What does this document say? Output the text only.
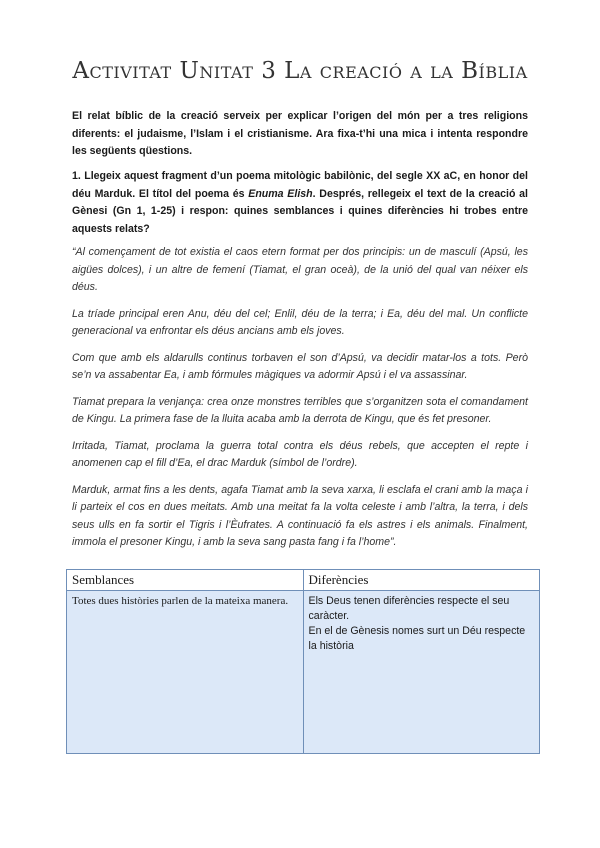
Activitat Unitat 3 La creació a la Bíblia

El relat bíblic de la creació serveix per explicar l’origen del món per a tres religions diferents: el judaisme, l’Islam i el cristianisme. Ara fixa-t’hi una mica i intenta respondre les següents qüestions.

1. Llegeix aquest fragment d’un poema mitològic babilònic, del segle XX aC, en honor del déu Marduk. El títol del poema és Enuma Elish. Després, rellegeix el text de la creació al Gènesi (Gn 1, 1-25) i respon: quines semblances i quines diferències hi trobes entre aquests relats?

“Al començament de tot existia el caos etern format per dos principis: un de masculí (Apsú, les aigües dolces), i un altre de femení (Tiamat, el gran oceà), de la unió del qual van néixer els déus.

La tríade principal eren Anu, déu del cel; Enlil, déu de la terra; i Ea, déu del mal. Un conflicte generacional va enfrontar els déus ancians amb els joves.

Com que amb els aldarulls continus torbaven el son d’Apsú, va decidir matar-los a tots. Però se’n va assabentar Ea, i amb fórmules màgiques va adormir Apsú i el va assassinar.

Tiamat prepara la venjança: crea onze monstres terribles que s’organitzen sota el comandament de Kingu. La primera fase de la lluita acaba amb la derrota de Kingu, que és fet presoner.

Irritada, Tiamat, proclama la guerra total contra els déus rebels, que accepten el repte i anomenen cap el fill d’Ea, el drac Marduk (símbol de l’ordre).

Marduk, armat fins a les dents, agafa Tiamat amb la seva xarxa, li esclafa el crani amb la maça i li parteix el cos en dues meitats. Amb una meitat fa la volta celeste i amb l’altra, la terra, i dels seus ulls en fa sortir el Tigris i l’Èufrates. A continuació fa els astres i els animals. Finalment, immola el presoner Kingu, i amb la seva sang pasta fang i fa l’home”.

Semblances	Diferències
Totes dues històries parlen de la mateixa manera.	Els Deus tenen diferències respecte el seu caràcter.
En el de Gènesis nomes surt un Déu respecte la història
